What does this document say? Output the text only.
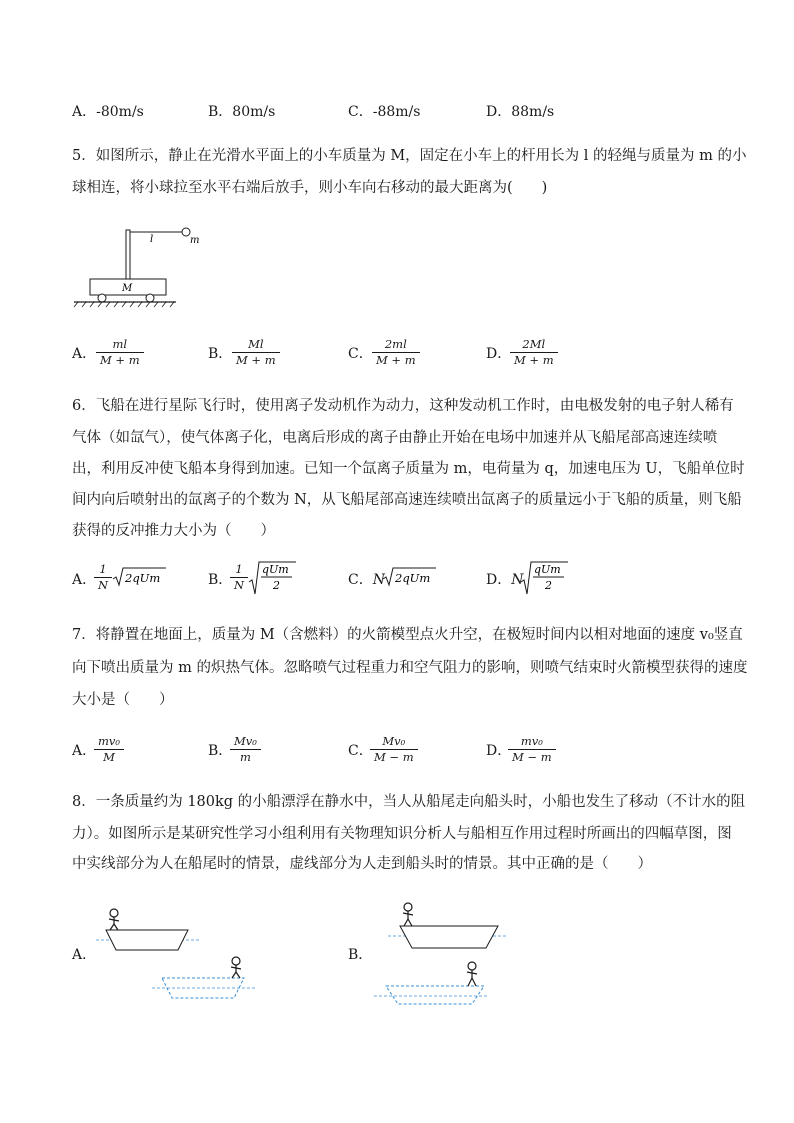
A．-80m/s	B．80m/s	C．-88m/s	D．88m/s
5．如图所示，静止在光滑水平面上的小车质量为 M，固定在小车上的杆用长为 l 的轻绳与质量为 m 的小
球相连，将小球拉至水平右端后放手，则小车向右移动的最大距离为(　　)
l	m
M
A．
ml
M + m	B．
Ml
M + m	C．
2ml
M + m	D．
2Ml
M + m
6．飞船在进行星际飞行时，使用离子发动机作为动力，这种发动机工作时，由电极发射的电子射人稀有
气体（如氙气），使气体离子化，电离后形成的离子由静止开始在电场中加速并从飞船尾部高速连续喷
出，利用反冲使飞船本身得到加速。已知一个氙离子质量为 m，电荷量为 q，加速电压为 U，飞船单位时
间内向后喷射出的氙离子的个数为 N，从飞船尾部高速连续喷出氙离子的质量远小于飞船的质量，则飞船
获得的反冲推力大小为（　　）
A．
1
N	2qUm	B．
1
N
qUm
2	C．N 2qUm	D．N
qUm
2
7．将静置在地面上，质量为 M（含燃料）的火箭模型点火升空，在极短时间内以相对地面的速度 v₀竖直
向下喷出质量为 m 的炽热气体。忽略喷气过程重力和空气阻力的影响，则喷气结束时火箭模型获得的速度
大小是（　　）
A．
mv₀
M	B．
Mv₀
m	C．
Mv₀
M − m	D．
mv₀
M − m
8．一条质量约为 180kg 的小船漂浮在静水中，当人从船尾走向船头时，小船也发生了移动（不计水的阻
力）。如图所示是某研究性学习小组利用有关物理知识分析人与船相互作用过程时所画出的四幅草图，图
中实线部分为人在船尾时的情景，虚线部分为人走到船头时的情景。其中正确的是（　　）
A．	B．
